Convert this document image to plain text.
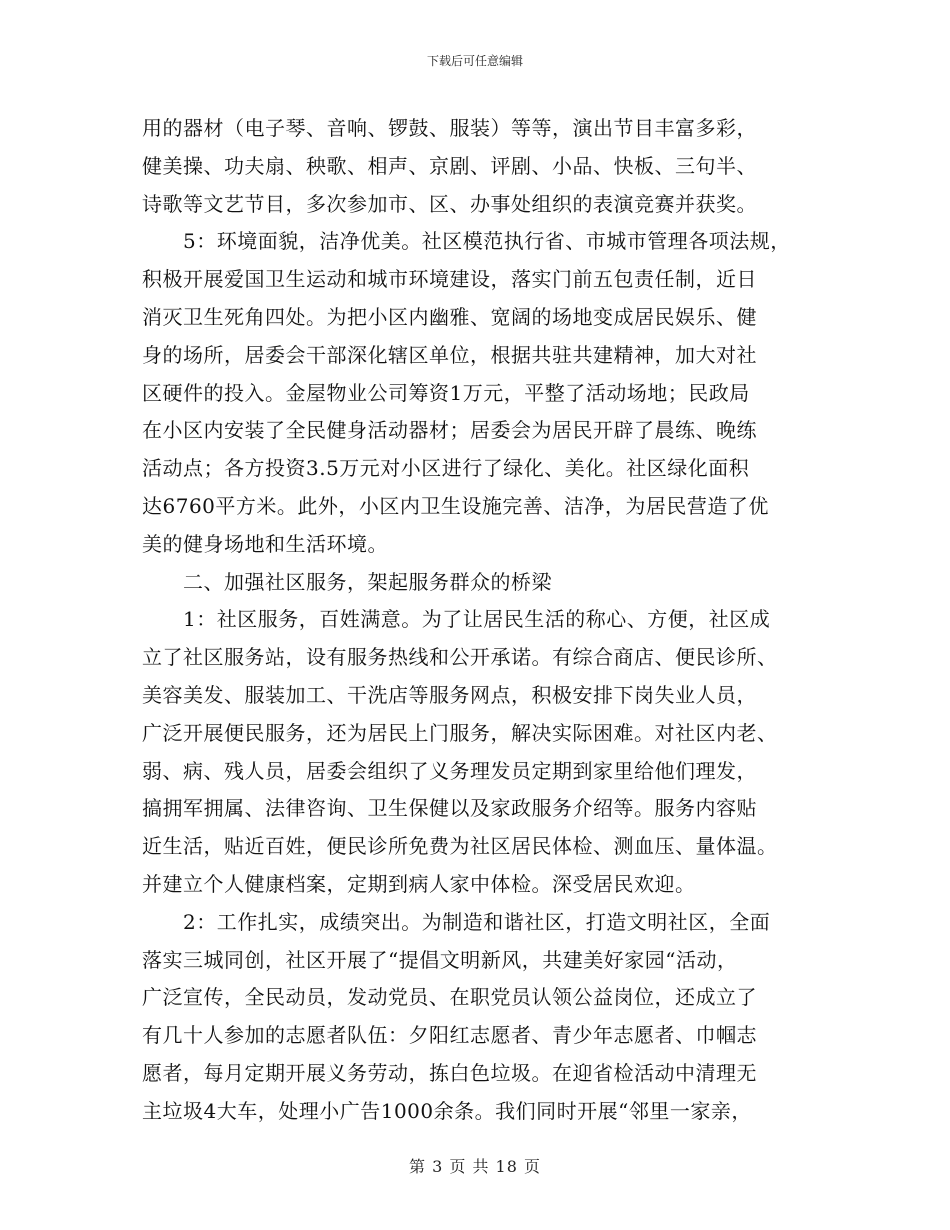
下载后可任意编辑
用的器材（电子琴、音响、锣鼓、服装）等等，演出节目丰富多彩，
健美操、功夫扇、秧歌、相声、京剧、评剧、小品、快板、三句半、
诗歌等文艺节目，多次参加市、区、办事处组织的表演竞赛并获奖。
　　5：环境面貌，洁净优美。社区模范执行省、市城市管理各项法规，
积极开展爱国卫生运动和城市环境建设，落实门前五包责任制，近日
消灭卫生死角四处。为把小区内幽雅、宽阔的场地变成居民娱乐、健
身的场所，居委会干部深化辖区单位，根据共驻共建精神，加大对社
区硬件的投入。金屋物业公司筹资1万元，平整了活动场地；民政局
在小区内安装了全民健身活动器材；居委会为居民开辟了晨练、晚练
活动点；各方投资3.5万元对小区进行了绿化、美化。社区绿化面积
达6760平方米。此外，小区内卫生设施完善、洁净，为居民营造了优
美的健身场地和生活环境。
　　二、加强社区服务，架起服务群众的桥梁
　　1：社区服务，百姓满意。为了让居民生活的称心、方便，社区成
立了社区服务站，设有服务热线和公开承诺。有综合商店、便民诊所、
美容美发、服装加工、干洗店等服务网点，积极安排下岗失业人员，
广泛开展便民服务，还为居民上门服务，解决实际困难。对社区内老、
弱、病、残人员，居委会组织了义务理发员定期到家里给他们理发，
搞拥军拥属、法律咨询、卫生保健以及家政服务介绍等。服务内容贴
近生活，贴近百姓，便民诊所免费为社区居民体检、测血压、量体温。
并建立个人健康档案，定期到病人家中体检。深受居民欢迎。
　　2：工作扎实，成绩突出。为制造和谐社区，打造文明社区，全面
落实三城同创，社区开展了“提倡文明新风，共建美好家园“活动，
广泛宣传，全民动员，发动党员、在职党员认领公益岗位，还成立了
有几十人参加的志愿者队伍：夕阳红志愿者、青少年志愿者、巾帼志
愿者，每月定期开展义务劳动，拣白色垃圾。在迎省检活动中清理无
主垃圾4大车，处理小广告1000余条。我们同时开展“邻里一家亲，
第 3 页 共 18 页
